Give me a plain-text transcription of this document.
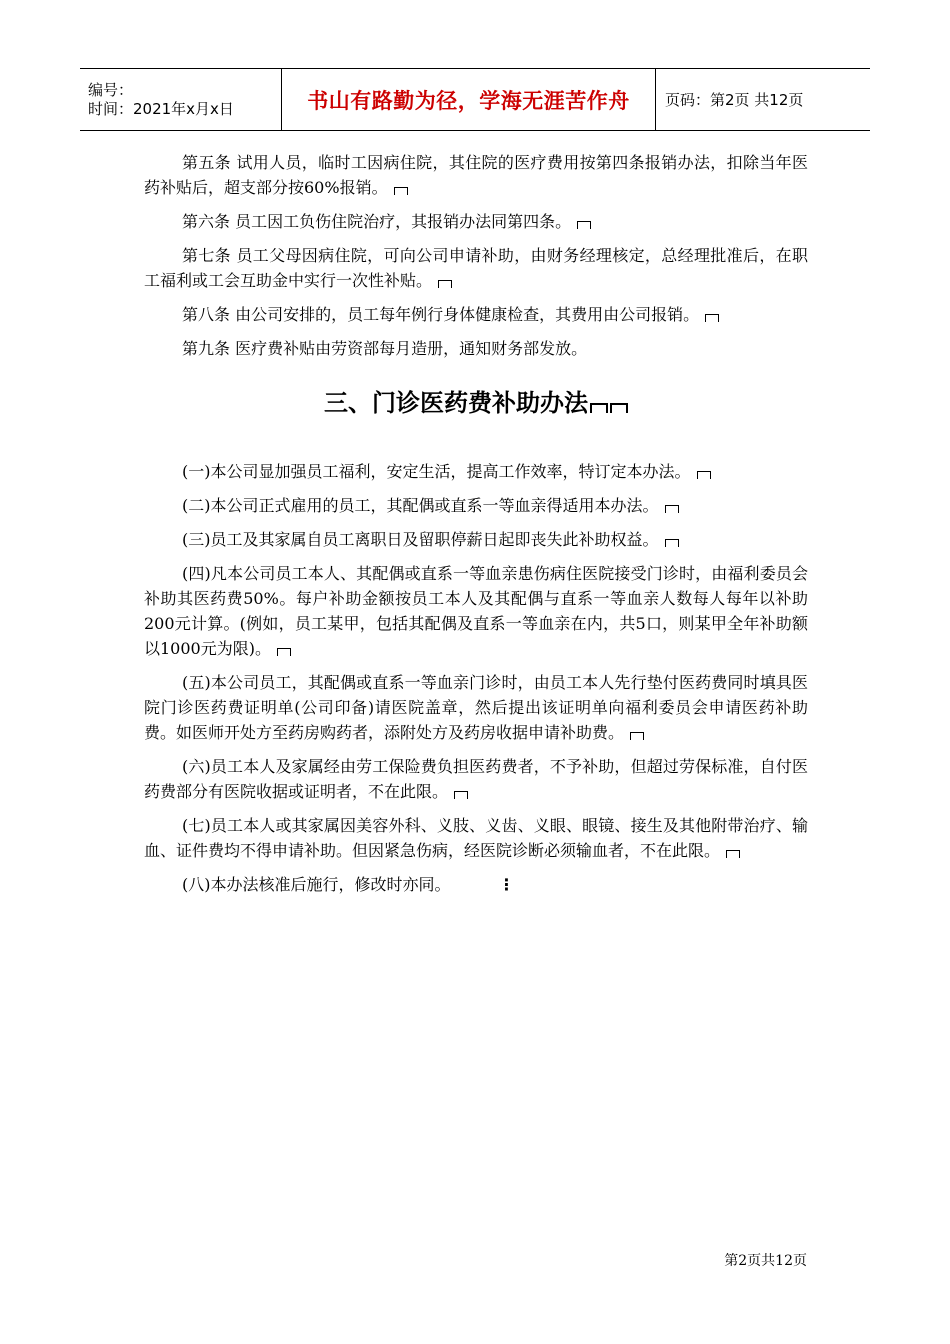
编号：
时间：2021年x月x日	书山有路勤为径，学海无涯苦作舟	页码：第2页 共12页

第五条 试用人员，临时工因病住院，其住院的医疗费用按第四条报销办法，扣除当年医药补贴后，超支部分按60%报销。

第六条 员工因工负伤住院治疗，其报销办法同第四条。

第七条 员工父母因病住院，可向公司申请补助，由财务经理核定，总经理批准后，在职工福利或工会互助金中实行一次性补贴。

第八条 由公司安排的，员工每年例行身体健康检查，其费用由公司报销。

第九条 医疗费补贴由劳资部每月造册，通知财务部发放。

三、门诊医药费补助办法

(一)本公司显加强员工福利，安定生活，提高工作效率，特订定本办法。

(二)本公司正式雇用的员工，其配偶或直系一等血亲得适用本办法。

(三)员工及其家属自员工离职日及留职停薪日起即丧失此补助权益。

(四)凡本公司员工本人、其配偶或直系一等血亲患伤病住医院接受门诊时，由福利委员会补助其医药费50%。每户补助金额按员工本人及其配偶与直系一等血亲人数每人每年以补助200元计算。(例如，员工某甲，包括其配偶及直系一等血亲在内，共5口，则某甲全年补助额以1000元为限)。

(五)本公司员工，其配偶或直系一等血亲门诊时，由员工本人先行垫付医药费同时填具医院门诊医药费证明单(公司印备)请医院盖章，然后提出该证明单向福利委员会申请医药补助费。如医师开处方至药房购药者，添附处方及药房收据申请补助费。

(六)员工本人及家属经由劳工保险费负担医药费者，不予补助，但超过劳保标准，自付医药费部分有医院收据或证明者，不在此限。

(七)员工本人或其家属因美容外科、义肢、义齿、义眼、眼镜、接生及其他附带治疗、输血、证件费均不得申请补助。但因紧急伤病，经医院诊断必须输血者，不在此限。

(八)本办法核准后施行，修改时亦同。	⋮

第2页共12页
